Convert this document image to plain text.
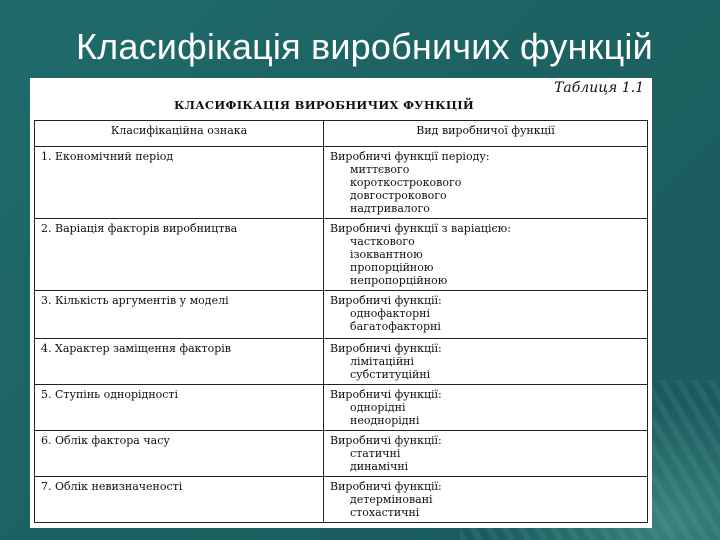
Класифікація виробничих функцій
Таблиця 1.1
КЛАСИФІКАЦІЯ ВИРОБНИЧИХ ФУНКЦІЙ
Класифікаційна ознака	Вид виробничої функції
1. Економічний період	Виробничі функції періоду:
миттєвого
короткострокового
довгострокового
надтривалого

2. Варіація факторів виробництва	Виробничі функції з варіацією:
часткового
ізоквантною
пропорційною
непропорційною

3. Кількість аргументів у моделі	Виробничі функції:
однофакторні
багатофакторні

4. Характер заміщення факторів	Виробничі функції:
лімітаційні
субституційні

5. Ступінь однорідності	Виробничі функції:
однорідні
неоднорідні

6. Облік фактора часу	Виробничі функції:
статичні
динамічні

7. Облік невизначеності	Виробничі функції:
детерміновані
стохастичні
